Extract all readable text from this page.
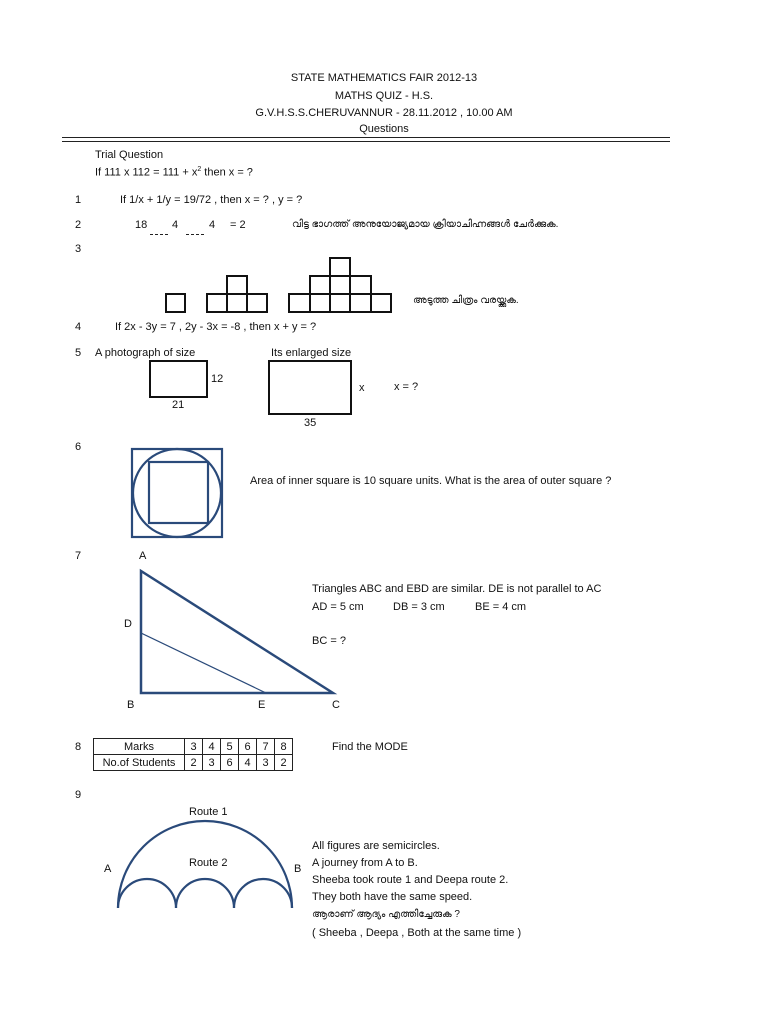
STATE MATHEMATICS FAIR 2012-13
MATHS QUIZ - H.S.
G.V.H.S.S.CHERUVANNUR - 28.11.2012 , 10.00 AM
Questions
Trial Question
If 111 x $112 = 111 + x^2$ then x = ?
1	If 1/x + 1/y = 19/72 , then x = ? , y = ?
2	18 4	4 = 2	വിട്ട ഭാഗത്ത് അനുയോജ്യമായ ക്രിയാചിഹ്നങ്ങൾ ചേർക്കുക.
3
അടുത്ത ചിത്രം വരയ്ക്കുക.
4	If 2x - 3y = 7 , 2y - 3x = -8 , then x + y = ?
5 A photograph of size	Its enlarged size
12
21
x
35
x = ?
6
Area of inner square is 10 square units. What is the area of outer square ?
7	A
D
B	E	C
Triangles ABC and EBD are similar. DE is not parallel to AC
AD = 5 cm	DB = 3 cm	BE = 4 cm
BC = ?
8	Marks	3	4	5	6	7	8
No.of Students	2	3	6	4	3	2
Find the MODE
9
Route 1
Route 2
A	B
All figures are semicircles.
A journey from A to B.
Sheeba took route 1 and Deepa route 2.
They both have the same speed.
ആരാണ് ആദ്യം എത്തിച്ചേരുക ?
( Sheeba , Deepa , Both at the same time )
